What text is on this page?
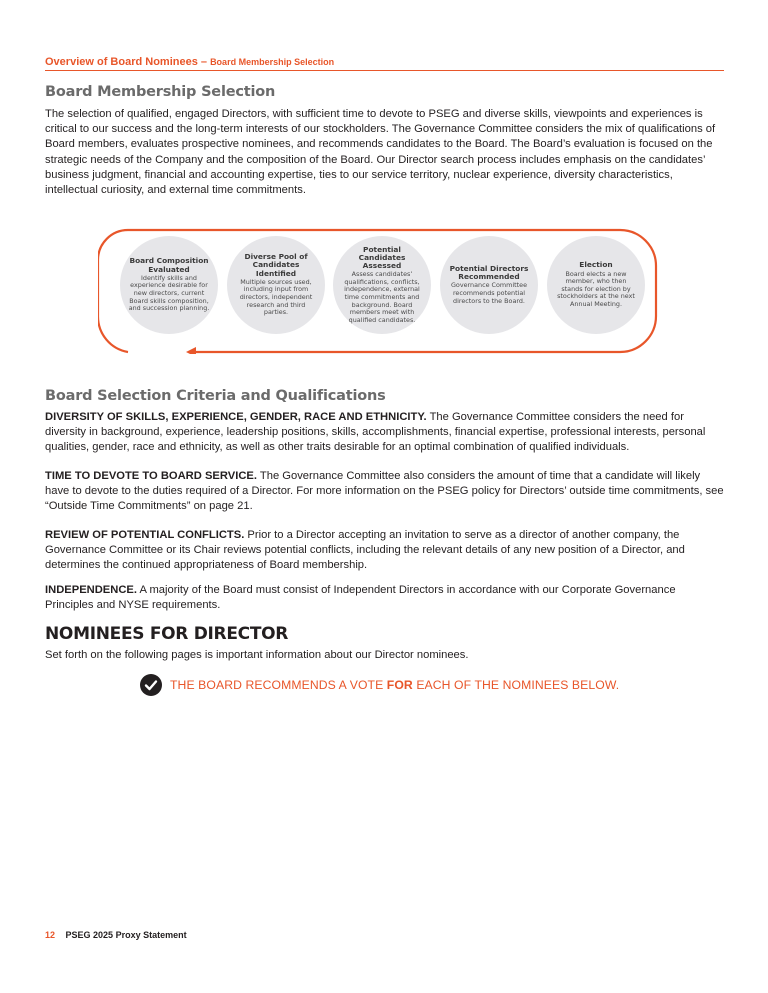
Overview of Board Nominees – Board Membership Selection
Board Membership Selection
The selection of qualified, engaged Directors, with sufficient time to devote to PSEG and diverse skills, viewpoints and experiences is critical to our success and the long-term interests of our stockholders. The Governance Committee considers the mix of qualifications of Board members, evaluates prospective nominees, and recommends candidates to the Board. The Board’s evaluation is focused on the strategic needs of the Company and the composition of the Board. Our Director search process includes emphasis on the candidates’ business judgment, financial and accounting expertise, ties to our service territory, nuclear experience, diversity characteristics, intellectual curiosity, and external time commitments.
Board Composition Evaluated
Identify skills and experience desirable for new directors, current Board skills composition, and succession planning.
Diverse Pool of Candidates Identified
Multiple sources used, including input from directors, independent research and third parties.
Potential Candidates Assessed
Assess candidates’ qualifications, conflicts, independence, external time commitments and background. Board members meet with qualified candidates.
Potential Directors Recommended
Governance Committee recommends potential directors to the Board.
Election
Board elects a new member, who then stands for election by stockholders at the next Annual Meeting.
Board Selection Criteria and Qualifications
DIVERSITY OF SKILLS, EXPERIENCE, GENDER, RACE AND ETHNICITY. The Governance Committee considers the need for diversity in background, experience, leadership positions, skills, accomplishments, financial expertise, professional interests, personal qualities, gender, race and ethnicity, as well as other traits desirable for an optimal combination of qualified individuals.
TIME TO DEVOTE TO BOARD SERVICE. The Governance Committee also considers the amount of time that a candidate will likely have to devote to the duties required of a Director. For more information on the PSEG policy for Directors’ outside time commitments, see “Outside Time Commitments” on page 21.
REVIEW OF POTENTIAL CONFLICTS. Prior to a Director accepting an invitation to serve as a director of another company, the Governance Committee or its Chair reviews potential conflicts, including the relevant details of any new position of a Director, and determines the continued appropriateness of Board membership.
INDEPENDENCE. A majority of the Board must consist of Independent Directors in accordance with our Corporate Governance Principles and NYSE requirements.
NOMINEES FOR DIRECTOR
Set forth on the following pages is important information about our Director nominees.
THE BOARD RECOMMENDS A VOTE FOR EACH OF THE NOMINEES BELOW.
12 PSEG 2025 Proxy Statement
